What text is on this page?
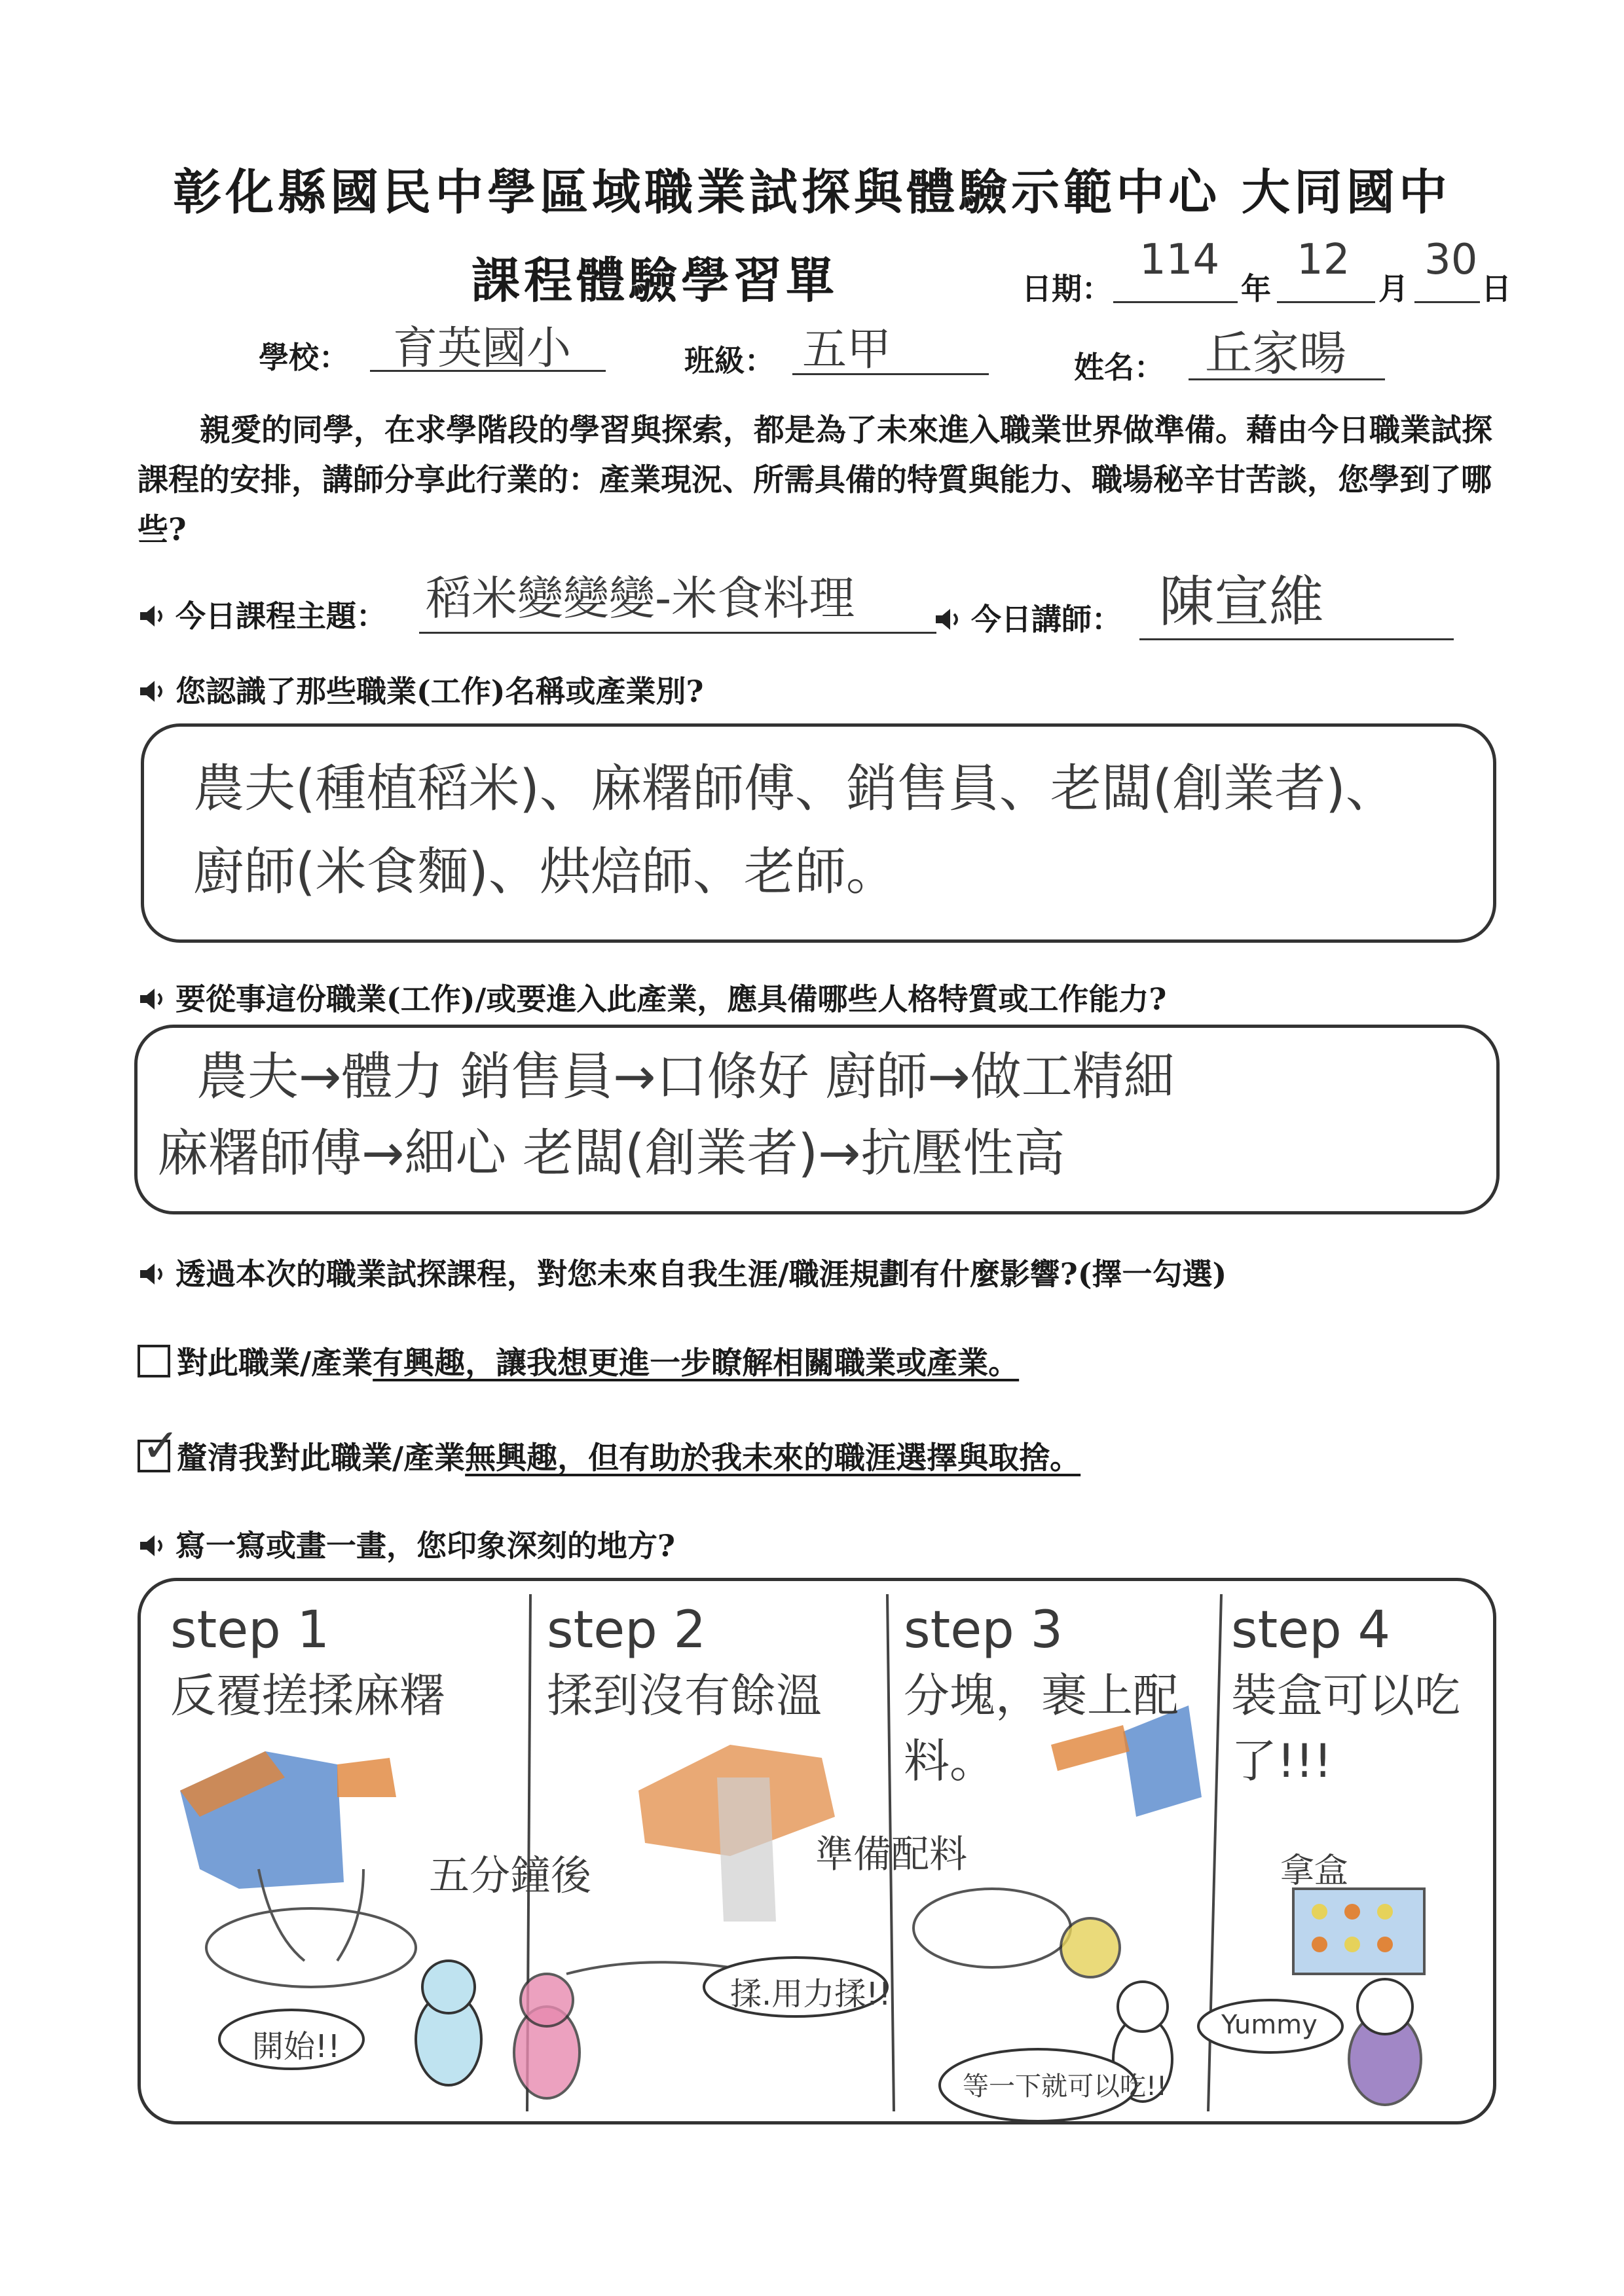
彰化縣國民中學區域職業試探與體驗示範中心 大同國中
課程體驗學習單	日期：
114
年
12
月
30
日
學校： 育英國小	班級： 五甲	姓名： 丘家暘
親愛的同學，在求學階段的學習與探索，都是為了未來進入職業世界做準備。藉由今日職業試探課程的安排，講師分享此行業的：產業現況、所需具備的特質與能力、職場秘辛甘苦談，您學到了哪些?
今日課程主題： 稻米變變變-米食料理	今日講師： 陳宣維
您認識了那些職業(工作)名稱或產業別?
農夫(種植稻米)、麻糬師傅、銷售員、老闆(創業者)、
廚師(米食麵)、烘焙師、老師。
要從事這份職業(工作)/或要進入此產業，應具備哪些人格特質或工作能力?
農夫→體力 銷售員→口條好 廚師→做工精細
麻糬師傅→細心 老闆(創業者)→抗壓性高
透過本次的職業試探課程，對您未來自我生涯/職涯規劃有什麼影響?(擇一勾選)
對此職業/產業 有興趣，讓我想更進一步瞭解相關職業或產業。
✓
釐清我對此職業/產業 無興趣，但有助於我未來的職涯選擇與取捨。
寫一寫或畫一畫，您印象深刻的地方?
step 1
反覆搓揉麻糬
開始!!
五分鐘後
step 2
揉到沒有餘溫
揉.用力揉!!
準備配料
step 3
分塊，裹上配料。
等一下就可以吃!!
step 4
裝盒可以吃了!!!
Yummy
拿盒
